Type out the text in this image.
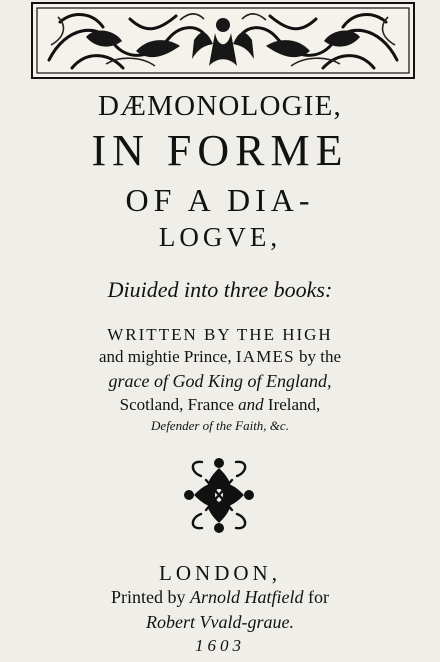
DÆMONOLOGIE,
IN FORME
OF A DIA-
LOGVE,
Diuided into three books:
WRITTEN BY THE HIGH
and mightie Prince, IAMES by the
grace of God King of England,
Scotland, France and Ireland,
Defender of the Faith, &c.
LONDON,
Printed by Arnold Hatfield for
Robert Vvald-graue.
1603
